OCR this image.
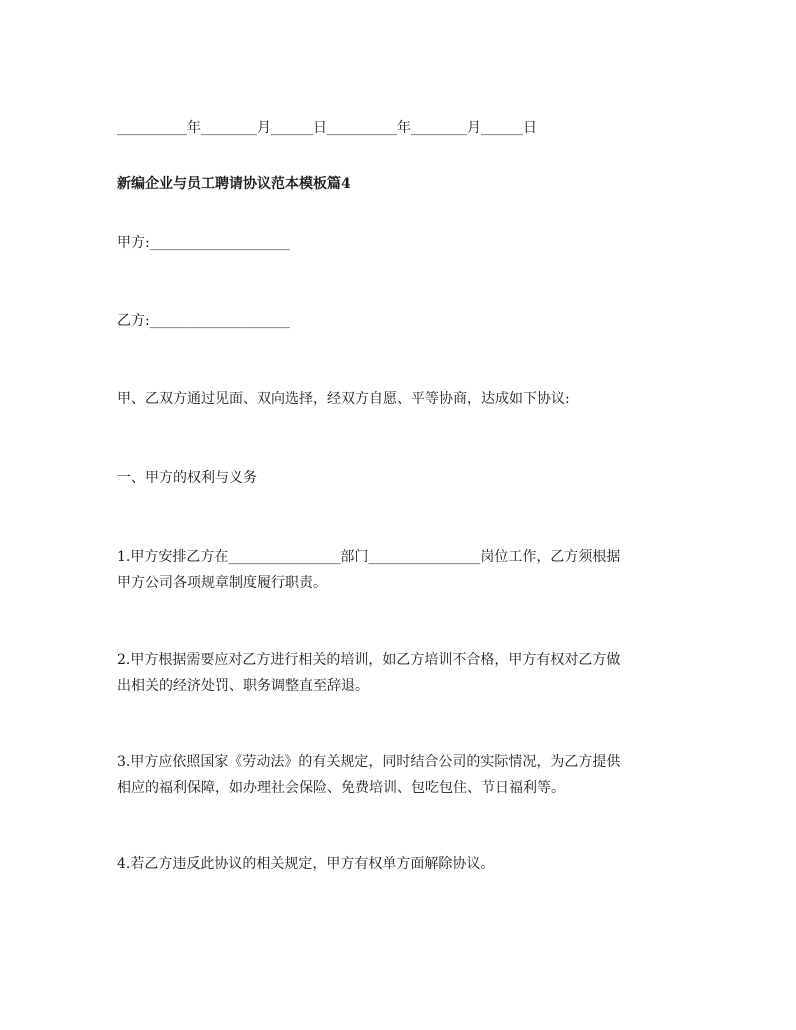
__________年________月______日__________年________月______日
新编企业与员工聘请协议范本模板篇4
甲方:____________________
乙方:____________________
甲、乙双方通过见面、双向选择，经双方自愿、平等协商，达成如下协议:
一、甲方的权利与义务
1.甲方安排乙方在________________部门________________岗位工作，乙方须根据
甲方公司各项规章制度履行职责。
2.甲方根据需要应对乙方进行相关的培训，如乙方培训不合格，甲方有权对乙方做
出相关的经济处罚、职务调整直至辞退。
3.甲方应依照国家《劳动法》的有关规定，同时结合公司的实际情况，为乙方提供
相应的福利保障，如办理社会保险、免费培训、包吃包住、节日福利等。
4.若乙方违反此协议的相关规定，甲方有权单方面解除协议。
